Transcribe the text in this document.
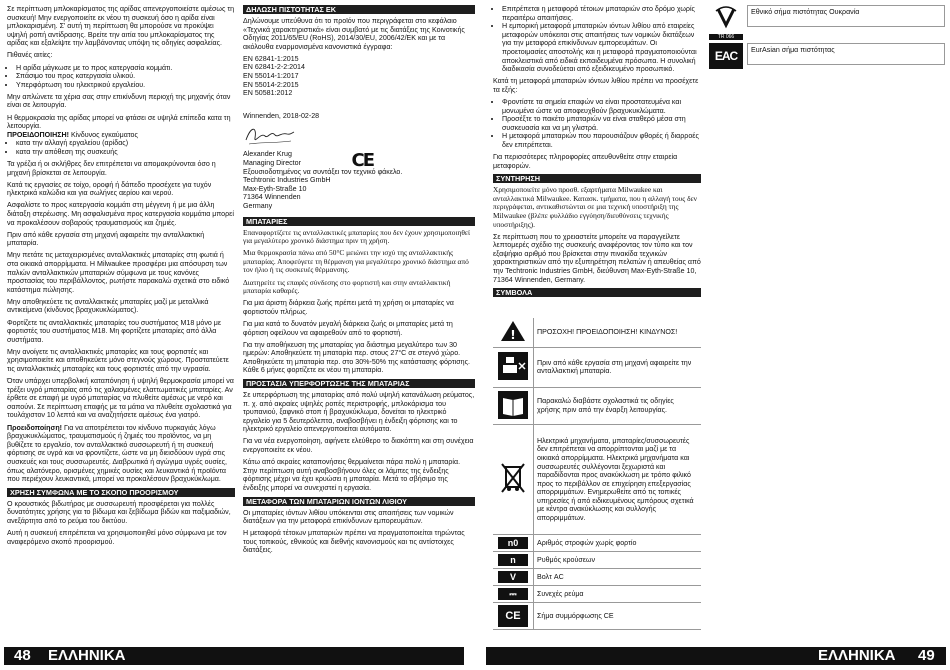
Σε περίπτωση μπλοκαρίσματος της αρίδας απενεργοποιείστε αμέσως τη συσκευή! Μην ενεργοποιείτε εκ νέου τη συσκευή όσο η αρίδα είναι μπλοκαρισμένη. Σ' αυτή τη περίπτωση θα μπορούσε να προκύψει υψηλή ροπή αντίδρασης. Βρείτε την αιτία του μπλοκαρίσματος της αρίδας και εξαλείψτε την λαμβάνοντας υπόψη τις οδηγίες ασφαλείας.

Πιθανές αιτίες:

• Η αρίδα μάγκωσε με το προς κατεργασία κομμάτι.
• Σπάσιμο του προς κατεργασία υλικού.
• Υπερφόρτωση του ηλεκτρικού εργαλείου.

Μην απλώνετε τα χέρια σας στην επικίνδυνη περιοχή της μηχανής όταν είναι σε λειτουργία.

Η θερμοκρασία της αρίδας μπορεί να φτάσει σε υψηλά επίπεδα κατα τη λειτουργία.
ΠΡΟΕΙΔΟΠΟΙΗΣΗ! Κίνδυνος εγκαύματος

• κατα την αλλαγή εργαλείου (αρίδας)
• κατα την απόθεση της συσκευής

Τα γρέζια ή οι σκλήθρες δεν επιτρέπεται να απομακρύνονται όσο η μηχανή βρίσκεται σε λειτουργία.

Κατά τις εργασίες σε τοίχο, οροφή ή δάπεδο προσέχετε για τυχόν ηλεκτρικά καλώδια και για σωλήνες αερίου και νερού.

Ασφαλίστε το προς κατεργασία κομμάτι στη μέγγενη ή με μια άλλη διάταξη στερέωσης. Μη ασφαλισμένα προς κατεργασία κομμάτια μπορεί να προκαλέσουν σοβαρούς τραυματισμούς και ζημιές.

Πριν από κάθε εργασία στη μηχανή αφαιρείτε την ανταλλακτική μπαταρία.

Μην πετάτε τις μεταχειρισμένες ανταλλακτικές μπαταρίες στη φωτιά ή στα οικιακά απορρίμματα. Η Milwaukee προσφέρει μια απόσυρση των παλιών ανταλλακτικών μπαταριών σύμφωνα με τους κανόνες προστασίας του περιβάλλοντος, ρωτήστε παρακαλώ σχετικά στο ειδικό κατάστημα πώλησης.

Μην αποθηκεύετε τις ανταλλακτικές μπαταρίες μαζί με μεταλλικά αντικείμενα (κίνδυνος βραχυκυκλώματος).

Φορτίζετε τις ανταλλακτικές μπαταρίες του συστήματος M18 μόνο με φορτιστές του συστήματος M18. Μη φορτίζετε μπαταρίες από άλλα συστήματα.

Μην ανοίγετε τις ανταλλακτικές μπαταρίες και τους φορτιστές και χρησιμοποιείτε και αποθηκεύετε μόνο στεγνούς χώρους. Προστατεύετε τις ανταλλακτικές μπαταρίες και τους φορτιστές από την υγρασία.

Όταν υπάρχει υπερβολική καταπόνηση ή υψηλή θερμοκρασία μπορεί να τρέξει υγρό μπαταρίας από τις χαλασμένες ελαττωματικές μπαταρίες. Αν έρθετε σε επαφή με υγρό μπαταρίας να πλυθείτε αμέσως με νερό και σαπούνι. Σε περίπτωση επαφής με τα μάτια να πλυθείτε σχολαστικά για τουλάχιστον 10 λεπτά και να αναζητήσετε αμέσως ένα γιατρό.

Προειδοποίηση! Για να αποτρέπεται τον κίνδυνο πυρκαγιάς λόγω βραχυκυκλώματος, τραυματισμούς ή ζημιές του προϊόντος, να μη βυθίζετε το εργαλείο, τον ανταλλακτικό συσσωρευτή ή τη συσκευή φόρτισης σε υγρά και να φροντίζετε, ώστε να μη διεισδύουν υγρά στις συσκευές και τους συσσωρευτές. Διαβρωτικά ή αγώγιμα υγρές ουσίες, όπως αλατόνερο, ορισμένες χημικές ουσίες και λευκαντικά ή προϊόντα που περιέχουν λευκαντικά, μπορεί να προκαλέσουν βραχυκύκλωμα.

ΧΡΗΣΗ ΣΥΜΦΩΝΑ ΜΕ ΤΟ ΣΚΟΠΟ ΠΡΟΟΡΙΣΜΟΥ

Ο κρουστικός βιδωτήρας με συσσωρευτή προσφέρεται για πολλές δυνατότητες χρήσης για το βίδωμα και ξεβίδωμα βιδών και παξιμαδιών, ανεξάρτητα από το ρεύμα του δικτύου.

Αυτή η συσκευή επιτρέπεται να χρησιμοποιηθεί μόνο σύμφωνα με τον αναφερόμενο σκοπό προορισμού.

ΔΗΛΩΣΗ ΠΙΣΤΟΤΗΤΑΣ ΕΚ

Δηλώνουμε υπεύθυνα ότι το προϊόν που περιγράφεται στο κεφάλαιο «Τεχνικά χαρακτηριστικά» είναι συμβατό με τις διατάξεις της Κοινοτικής Οδηγίας 2011/65/EU (RoHS), 2014/30/EU, 2006/42/EK και με τα ακόλουθα εναρμονισμένα κανονιστικά έγγραφα:

EN 62841-1:2015
EN 62841-2-2:2014
EN 55014-1:2017
EN 55014-2:2015
EN 50581:2012
Winnenden, 2018-02-28
Alexander Krug
Managing Director	CE

Εξουσιοδοτημένος να συντάξει τον τεχνικό φάκελο.

Techtronic Industries GmbH
Max-Eyth-Straße 10
71364 Winnenden
Germany
ΜΠΑΤΑΡΙΕΣ

Επαναφορτίζετε τις ανταλλακτικές μπαταρίες που δεν έχουν χρησιμοποιηθεί για μεγαλύτερο χρονικό διάστημα πριν τη χρήση.

Μια θερμοκρασία πάνω από 50°C μειώνει την ισχύ της ανταλλακτικής μπαταρίας. Αποφεύγετε τη θέρμανση για μεγαλύτερο χρονικό διάστημα από τον ήλιο ή τις συσκευές θέρμανσης.

Διατηρείτε τις επαφές σύνδεσης στο φορτιστή και στην ανταλλακτική μπαταρία καθαρές.

Για μια άριστη διάρκεια ζωής πρέπει μετά τη χρήση οι μπαταρίες να φορτιστούν πλήρως.

Για μια κατά το δυνατόν μεγαλή διάρκεια ζωής οι μπαταρίες μετά τη φόρτιση οφείλουν να αφαιρεθούν από το φορτιστή.

Για την αποθήκευση της μπαταρίας για διάστημα μεγαλύτερο των 30 ημερών: Αποθηκεύετε τη μπαταρία περ. στους 27°C σε στεγνό χώρο. Αποθηκεύετε τη μπαταρία περ. στο 30%-50% της κατάστασης φόρτισης. Κάθε 6 μήνες φορτίζετε εκ νέου τη μπαταρία.

ΠΡΟΣΤΑΣΙΑ ΥΠΕΡΦΟΡΤΩΣΗΣ ΤΗΣ ΜΠΑΤΑΡΙΑΣ

Σε υπερφόρτωση της μπαταρίας από πολύ υψηλή κατανάλωση ρεύματος, π. χ. από ακραίες υψηλές ροπές περιστροφής, μπλοκάρισμα του τρυπανιού, ξαφνικό στοπ ή βραχυκύκλωμα, δονείται το ηλεκτρικό εργαλείο για 5 δευτερόλεπτα, αναβοσβήνει η ένδειξη φόρτισης και το ηλεκτρικό εργαλείο απενεργοποιείται αυτόματα.

Για να νέα ενεργοποίηση, αφήνετε ελεύθερο το διακόπτη και στη συνέχεια ενεργοποιείτε εκ νέου.

Κάτω από ακραίες καταπονήσεις θερμαίνεται πάρα πολύ η μπαταρία. Στην περίπτωση αυτή αναβοσβήνουν όλες οι λάμπες της ένδειξης φόρτισης μέχρι να έχει κρυώσει η μπαταρία. Μετά το σβήσιμο της ένδειξης μπορεί να συνεχιστεί η εργασία.

ΜΕΤΑΦΟΡΑ ΤΩΝ ΜΠΑΤΑΡΙΩΝ ΙΟΝΤΩΝ ΛΙΘΙΟΥ

Οι μπαταρίες ιόντων λιθίου υπόκεινται στις απαιτήσεις των νομικών διατάξεων για την μεταφορά επικίνδυνων εμπορευμάτων.

Η μεταφορά τέτοιων μπαταριών πρέπει να πραγματοποιείται τηρώντας τους τοπικούς, εθνικούς και διεθνής κανονισμούς και τις αντίστοιχες διατάξεις.

• Επιτρέπεται η μεταφορά τέτοιων μπαταριών στο δρόμο χωρίς περαιτέρω απαιτήσεις.
• Η εμπορική μεταφορά μπαταριών ιόντων λιθίου από εταιρείες μεταφορών υπόκειται στις απαιτήσεις των νομικών διατάξεων για την μεταφορά επικίνδυνων εμπορευμάτων. Οι προετοιμασίες αποστολής και η μεταφορά πραγματοποιούνται αποκλειστικά από ειδικά εκπαιδευμένα πρόσωπα. Η συνολική διαδικασία συνοδεύεται από εξειδικευμένο προσωπικό.

Κατά τη μεταφορά μπαταριών ιόντων λιθίου πρέπει να προσέχετε τα εξής:

• Φροντίστε τα σημεία επαφών να είναι προστατευμένα και μονωμένα ώστε να αποφευχθούν βραχυκυκλώματα.
• Προσέξτε το πακέτο μπαταριών να είναι σταθερό μέσα στη συσκευασία και να μη γλιστρά.
• Η μεταφορά μπαταριών που παρουσιάζουν φθορές ή διαρροές δεν επιτρέπεται.

Για περισσότερες πληροφορίες απευθυνθείτε στην εταιρεία μεταφορών.

ΣΥΝΤΗΡΗΣΗ

Χρησιμοποιείτε μόνο προσθ. εξαρτήματα Milwaukee και ανταλλακτικά Milwaukee. Κατασκ. τμήματα, που η αλλαγή τους δεν περιγράφεται, αντικαθιστώνται σε μια τεχνική υποστήριξη της Milwaukee (βλέπε φυλλάδιο εγγύηση/διευθύνσεις τεχνικής υποστήριξης).

Σε περίπτωση που το χρειαστείτε μπορείτε να παραγγείλετε λεπτομερές σχέδιο της συσκευής αναφέροντας τον τύπο και τον εξαψήφιο αριθμό που βρίσκεται στην πινακίδα τεχνικών χαρακτηριστικών από την εξυπηρέτηση πελατών ή απευθείας από την Techtronic Industries GmbH, διεύθυνση Max-Eyth-Straße 10, 71364 Winnenden, Germany.

ΣΥΜΒΟΛΑ
!	ΠΡΟΣΟΧΗ! ΠΡΟΕΙΔΟΠΟΙΗΣΗ! ΚΙΝΔΥΝΟΣ!
	Πριν από κάθε εργασία στη μηχανή αφαιρείτε την ανταλλακτική μπαταρία.
	Παρακαλώ διαβάστε σχολαστικά τις οδηγίες χρήσης πριν από την έναρξη λειτουργίας.
	Ηλεκτρικά μηχανήματα, μπαταρίες/συσσωρευτές δεν επιτρέπεται να απορρίπτονται μαζί με τα οικιακά απορρίμματα. Ηλεκτρικά μηχανήματα και συσσωρευτές συλλέγονται ξεχωριστά και παραδίδονται προς ανακύκλωση με τρόπο φιλικό προς το περιβάλλον σε επιχείρηση επεξεργασίας απορριμμάτων. Ενημερωθείτε από τις τοπικές υπηρεσίες ή από ειδικευμένους εμπόρους σχετικά με κέντρα ανακύκλωσης και συλλογής απορριμμάτων.
n0	Αριθμός στροφών χωρίς φορτίο
n	Ρυθμός κρούσεων
V	Βολτ AC
⎓	Συνεχές ρεύμα
CE	Σήμα συμμόρφωσης CE
TR 066
Εθνικό σήμα πιστότητας Ουκρανία
EAC	EurAsian σήμα πιστότητας
48 ΕΛΛΗΝΙΚΑ	ΕΛΛΗΝΙΚΑ 49
